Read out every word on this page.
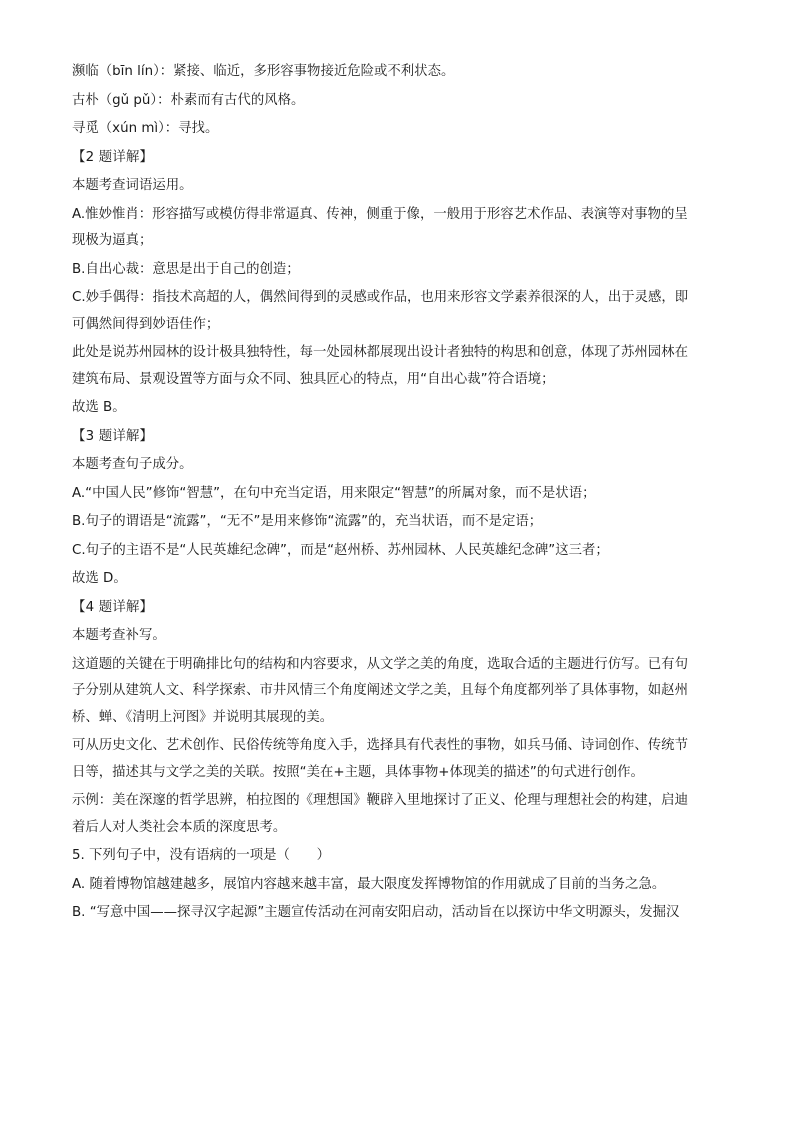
濒临（bīn lín）：紧接、临近，多形容事物接近危险或不利状态。

古朴（gǔ pǔ）：朴素而有古代的风格。

寻觅（xún mì）：寻找。

【2 题详解】

本题考查词语运用。

A.惟妙惟肖：形容描写或模仿得非常逼真、传神，侧重于像，一般用于形容艺术作品、表演等对事物的呈
现极为逼真；

B.自出心裁：意思是出于自己的创造；

C.妙手偶得：指技术高超的人，偶然间得到的灵感或作品，也用来形容文学素养很深的人，出于灵感，即
可偶然间得到妙语佳作；

此处是说苏州园林的设计极具独特性，每一处园林都展现出设计者独特的构思和创意，体现了苏州园林在
建筑布局、景观设置等方面与众不同、独具匠心的特点，用“自出心裁”符合语境；

故选 B。

【3 题详解】

本题考查句子成分。

A.“中国人民”修饰“智慧”，在句中充当定语，用来限定“智慧”的所属对象，而不是状语；

B.句子的谓语是“流露”，“无不”是用来修饰“流露”的，充当状语，而不是定语；

C.句子的主语不是“人民英雄纪念碑”，而是“赵州桥、苏州园林、人民英雄纪念碑”这三者；

故选 D。

【4 题详解】

本题考查补写。

这道题的关键在于明确排比句的结构和内容要求，从文学之美的角度，选取合适的主题进行仿写。已有句
子分别从建筑人文、科学探索、市井风情三个角度阐述文学之美，且每个角度都列举了具体事物，如赵州
桥、蝉、《清明上河图》并说明其展现的美。

可从历史文化、艺术创作、民俗传统等角度入手，选择具有代表性的事物，如兵马俑、诗词创作、传统节
日等，描述其与文学之美的关联。按照“美在+主题，具体事物+体现美的描述”的句式进行创作。

示例：美在深邃的哲学思辨，柏拉图的《理想国》鞭辟入里地探讨了正义、伦理与理想社会的构建，启迪
着后人对人类社会本质的深度思考。

5. 下列句子中，没有语病的一项是（　　）

A. 随着博物馆越建越多，展馆内容越来越丰富，最大限度发挥博物馆的作用就成了目前的当务之急。

B. “写意中国——探寻汉字起源”主题宣传活动在河南安阳启动，活动旨在以探访中华文明源头，发掘汉
